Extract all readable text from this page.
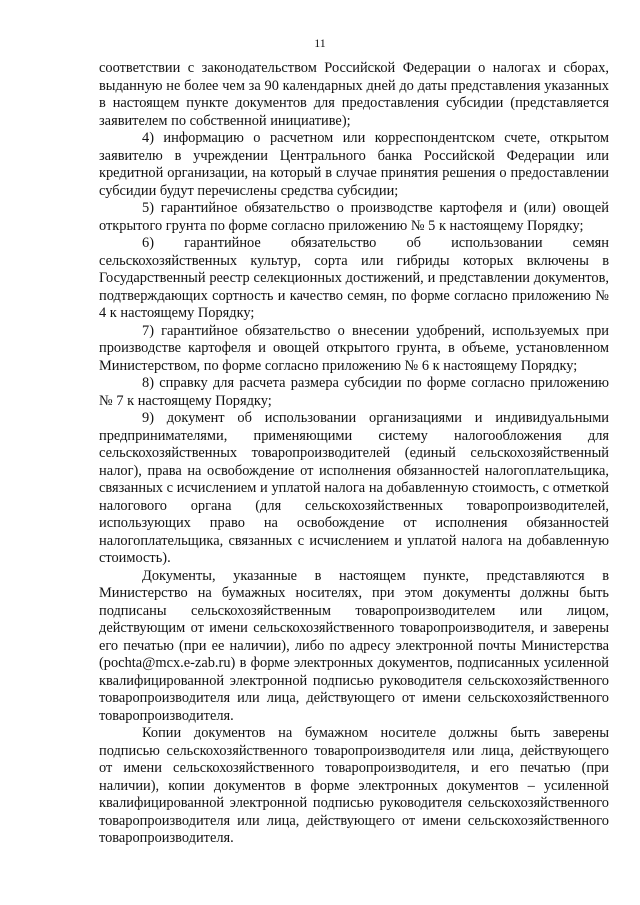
11

соответствии с законодательством Российской Федерации о налогах и сборах, выданную не более чем за 90 календарных дней до даты представления указанных в настоящем пункте документов для предоставления субсидии (представляется заявителем по собственной инициативе);

4) информацию о расчетном или корреспондентском счете, открытом заявителю в учреждении Центрального банка Российской Федерации или кредитной организации, на который в случае принятия решения о предоставлении субсидии будут перечислены средства субсидии;

5) гарантийное обязательство о производстве картофеля и (или) овощей открытого грунта по форме согласно приложению № 5 к настоящему Порядку;

6) гарантийное обязательство об использовании семян сельскохозяйственных культур, сорта или гибриды которых включены в Государственный реестр селекционных достижений, и представлении документов, подтверждающих сортность и качество семян, по форме согласно приложению № 4 к настоящему Порядку;

7) гарантийное обязательство о внесении удобрений, используемых при производстве картофеля и овощей открытого грунта, в объеме, установленном Министерством, по форме согласно приложению № 6 к настоящему Порядку;

8) справку для расчета размера субсидии по форме согласно приложению № 7 к настоящему Порядку;

9) документ об использовании организациями и индивидуальными предпринимателями, применяющими систему налогообложения для сельскохозяйственных товаропроизводителей (единый сельскохозяйственный налог), права на освобождение от исполнения обязанностей налогоплательщика, связанных с исчислением и уплатой налога на добавленную стоимость, с отметкой налогового органа (для сельскохозяйственных товаропроизводителей, использующих право на освобождение от исполнения обязанностей налогоплательщика, связанных с исчислением и уплатой налога на добавленную стоимость).

Документы, указанные в настоящем пункте, представляются в Министерство на бумажных носителях, при этом документы должны быть подписаны сельскохозяйственным товаропроизводителем или лицом, действующим от имени сельскохозяйственного товаропроизводителя, и заверены его печатью (при ее наличии), либо по адресу электронной почты Министерства (pochta@mcx.e-zab.ru) в форме электронных документов, подписанных усиленной квалифицированной электронной подписью руководителя сельскохозяйственного товаропроизводителя или лица, действующего от имени сельскохозяйственного товаропроизводителя.

Копии документов на бумажном носителе должны быть заверены подписью сельскохозяйственного товаропроизводителя или лица, действующего от имени сельскохозяйственного товаропроизводителя, и его печатью (при наличии), копии документов в форме электронных документов – усиленной квалифицированной электронной подписью руководителя сельскохозяйственного товаропроизводителя или лица, действующего от имени сельскохозяйственного товаропроизводителя.
